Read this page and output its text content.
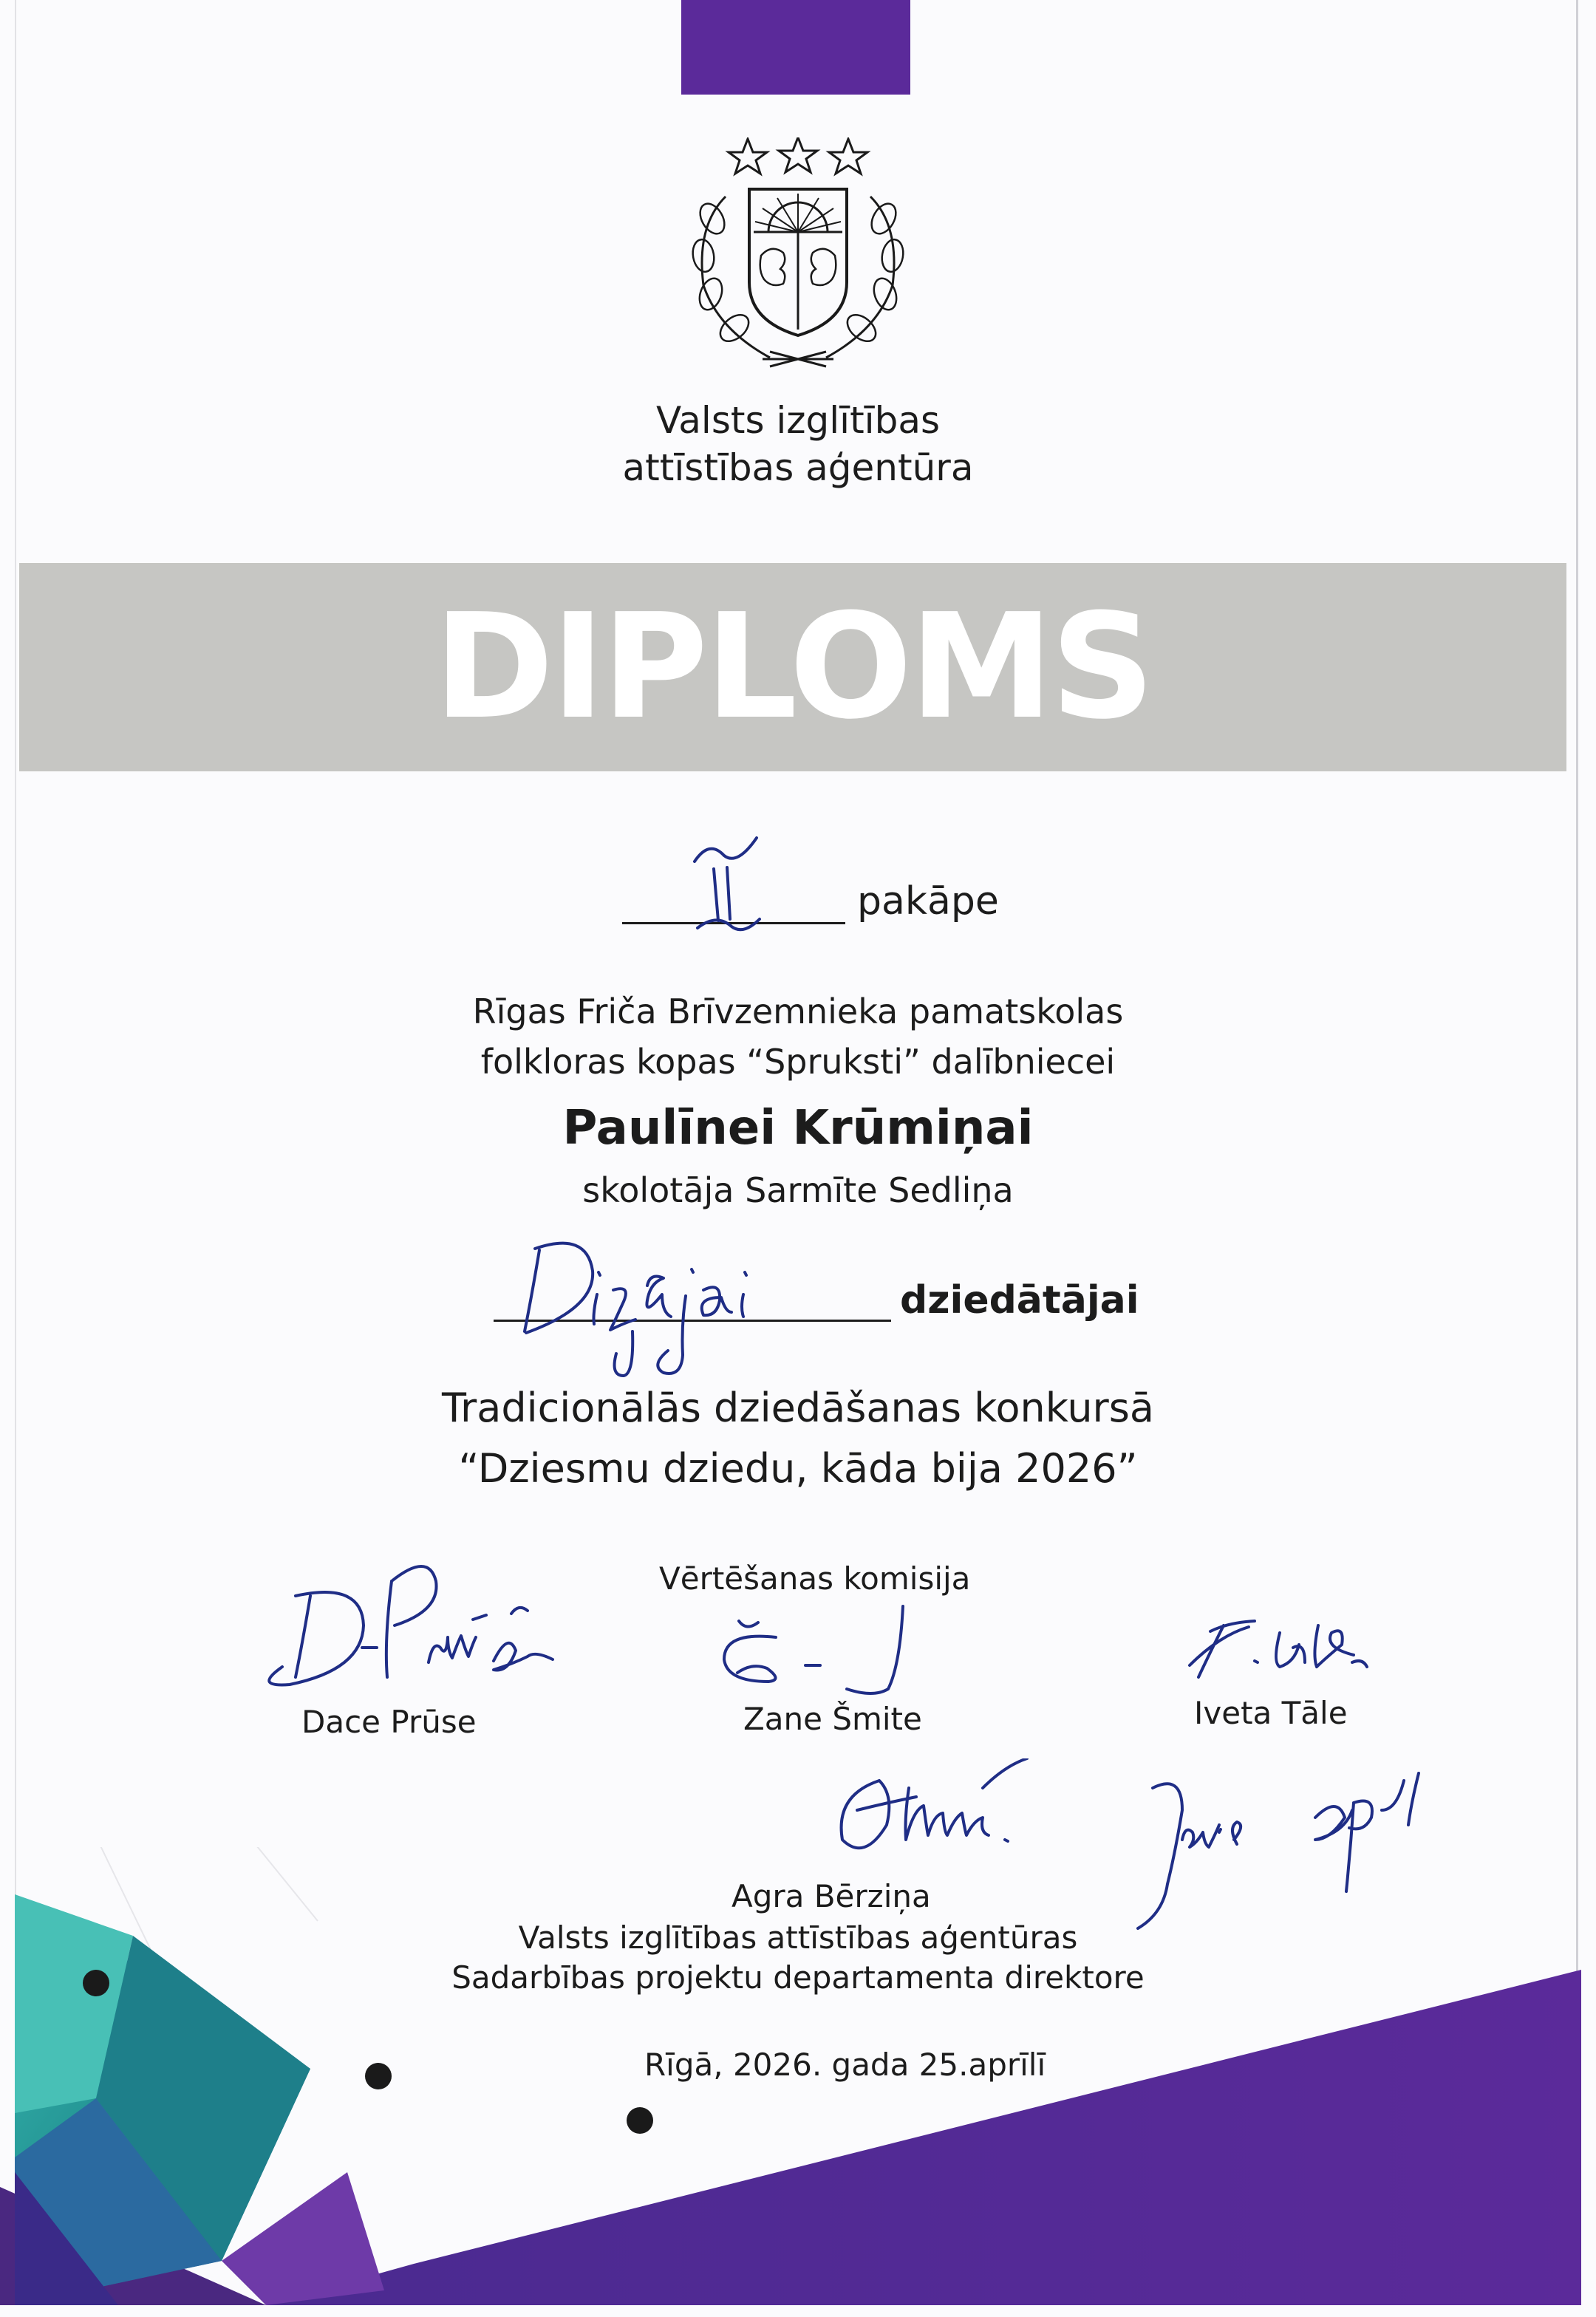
Valsts izglītības
attīstības aģentūra
DIPLOMS
pakāpe
Rīgas Friča Brīvzemnieka pamatskolas
folkloras kopas “Spruksti” dalībniecei
Paulīnei Krūmiņai
skolotāja Sarmīte Sedliņa
dziedātājai
Tradicionālās dziedāšanas konkursā
“Dziesmu dziedu, kāda bija 2026”
Vērtēšanas komisija
Dace Prūse	Zane Šmite	Iveta Tāle
Agra Bērziņa
Valsts izglītības attīstības aģentūras
Sadarbības projektu departamenta direktore
Rīgā, 2026. gada 25.aprīlī
